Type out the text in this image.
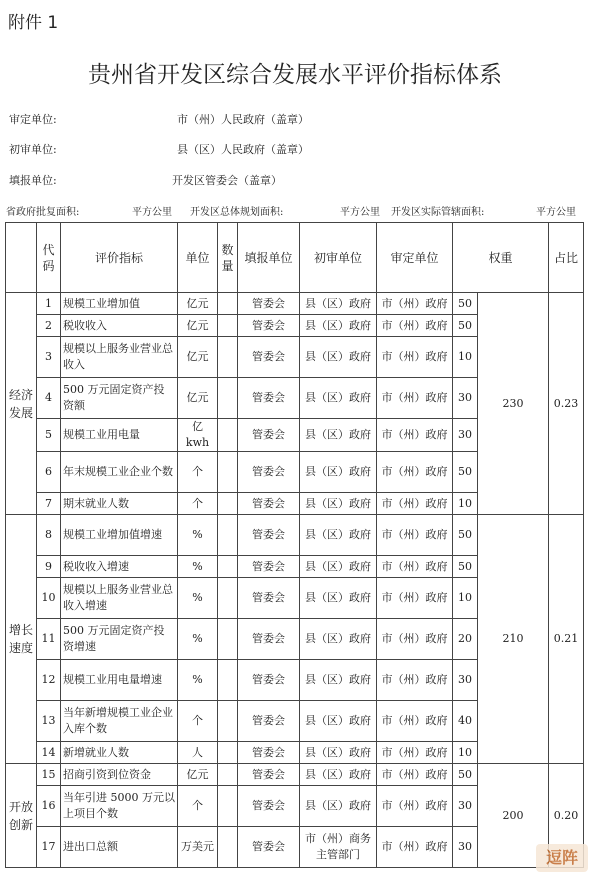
附件 1
贵州省开发区综合发展水平评价指标体系
审定单位:	市（州）人民政府（盖章）
初审单位:	县（区）人民政府（盖章）
填报单位:	开发区管委会（盖章）
省政府批复面积:	平方公里 开发区总体规划面积:	平方公里 开发区实际管辖面积:	平方公里
	代码	评价指标	单位	数量	填报单位	初审单位	审定单位	权重		占比
经济发展	1	规模工业增加值	亿元		管委会	县（区）政府	市（州）政府	50	230	0.23
	2	税收收入	亿元		管委会	县（区）政府	市（州）政府	50		
	3	规模以上服务业营业总收入	亿元		管委会	县（区）政府	市（州）政府	10		
	4	500 万元固定资产投资额	亿元		管委会	县（区）政府	市（州）政府	30		
	5	规模工业用电量	亿 kwh		管委会	县（区）政府	市（州）政府	30		
	6	年末规模工业企业个数	个		管委会	县（区）政府	市（州）政府	50		
	7	期末就业人数	个		管委会	县（区）政府	市（州）政府	10		
增长速度	8	规模工业增加值增速	%		管委会	县（区）政府	市（州）政府	50	210	0.21
	9	税收收入增速	%		管委会	县（区）政府	市（州）政府	50		
	10	规模以上服务业营业总收入增速	%		管委会	县（区）政府	市（州）政府	10		
	11	500 万元固定资产投资增速	%		管委会	县（区）政府	市（州）政府	20		
	12	规模工业用电量增速	%		管委会	县（区）政府	市（州）政府	30		
	13	当年新增规模工业企业入库个数	个		管委会	县（区）政府	市（州）政府	40		
	14	新增就业人数	人		管委会	县（区）政府	市（州）政府	10		
开放创新	15	招商引资到位资金	亿元		管委会	县（区）政府	市（州）政府	50	200	0.20
	16	当年引进 5000 万元以上项目个数	个		管委会	县（区）政府	市（州）政府	30		
	17	进出口总额	万美元		管委会	市（州）商务主管部门	市（州）政府	30		
逗阵
